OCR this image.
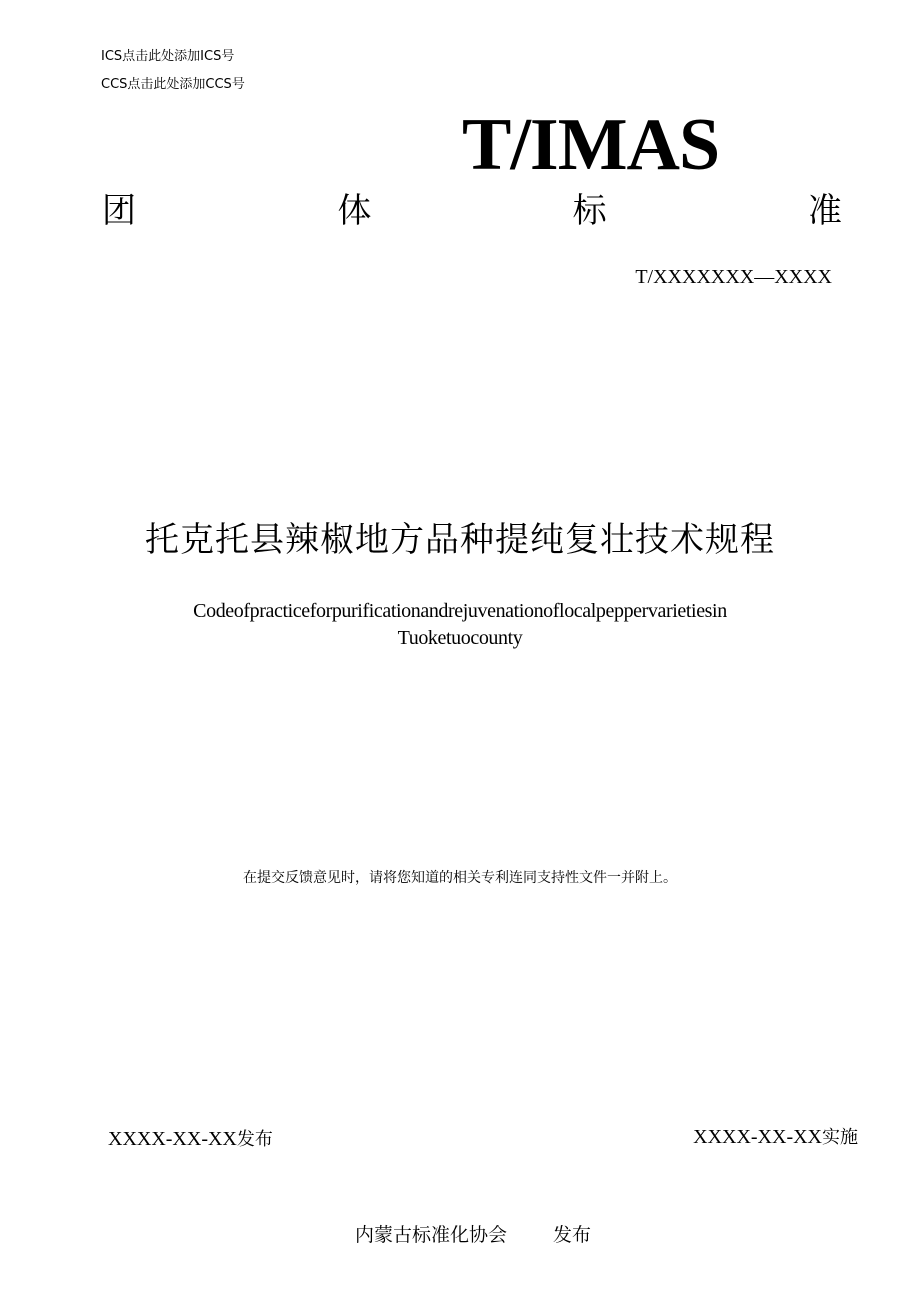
ICS点击此处添加ICS号
CCS点击此处添加CCS号
T/IMAS
团	体	标	准
T/XXXXXXX—XXXX
托克托县辣椒地方品种提纯复壮技术规程
Codeofpracticeforpurificationandrejuvenationoflocalpeppervarietiesin
Tuoketuocounty
在提交反馈意见时，请将您知道的相关专利连同支持性文件一并附上。
XXXX-XX-XX发布	XXXX-XX-XX实施
内蒙古标准化协会 发布
